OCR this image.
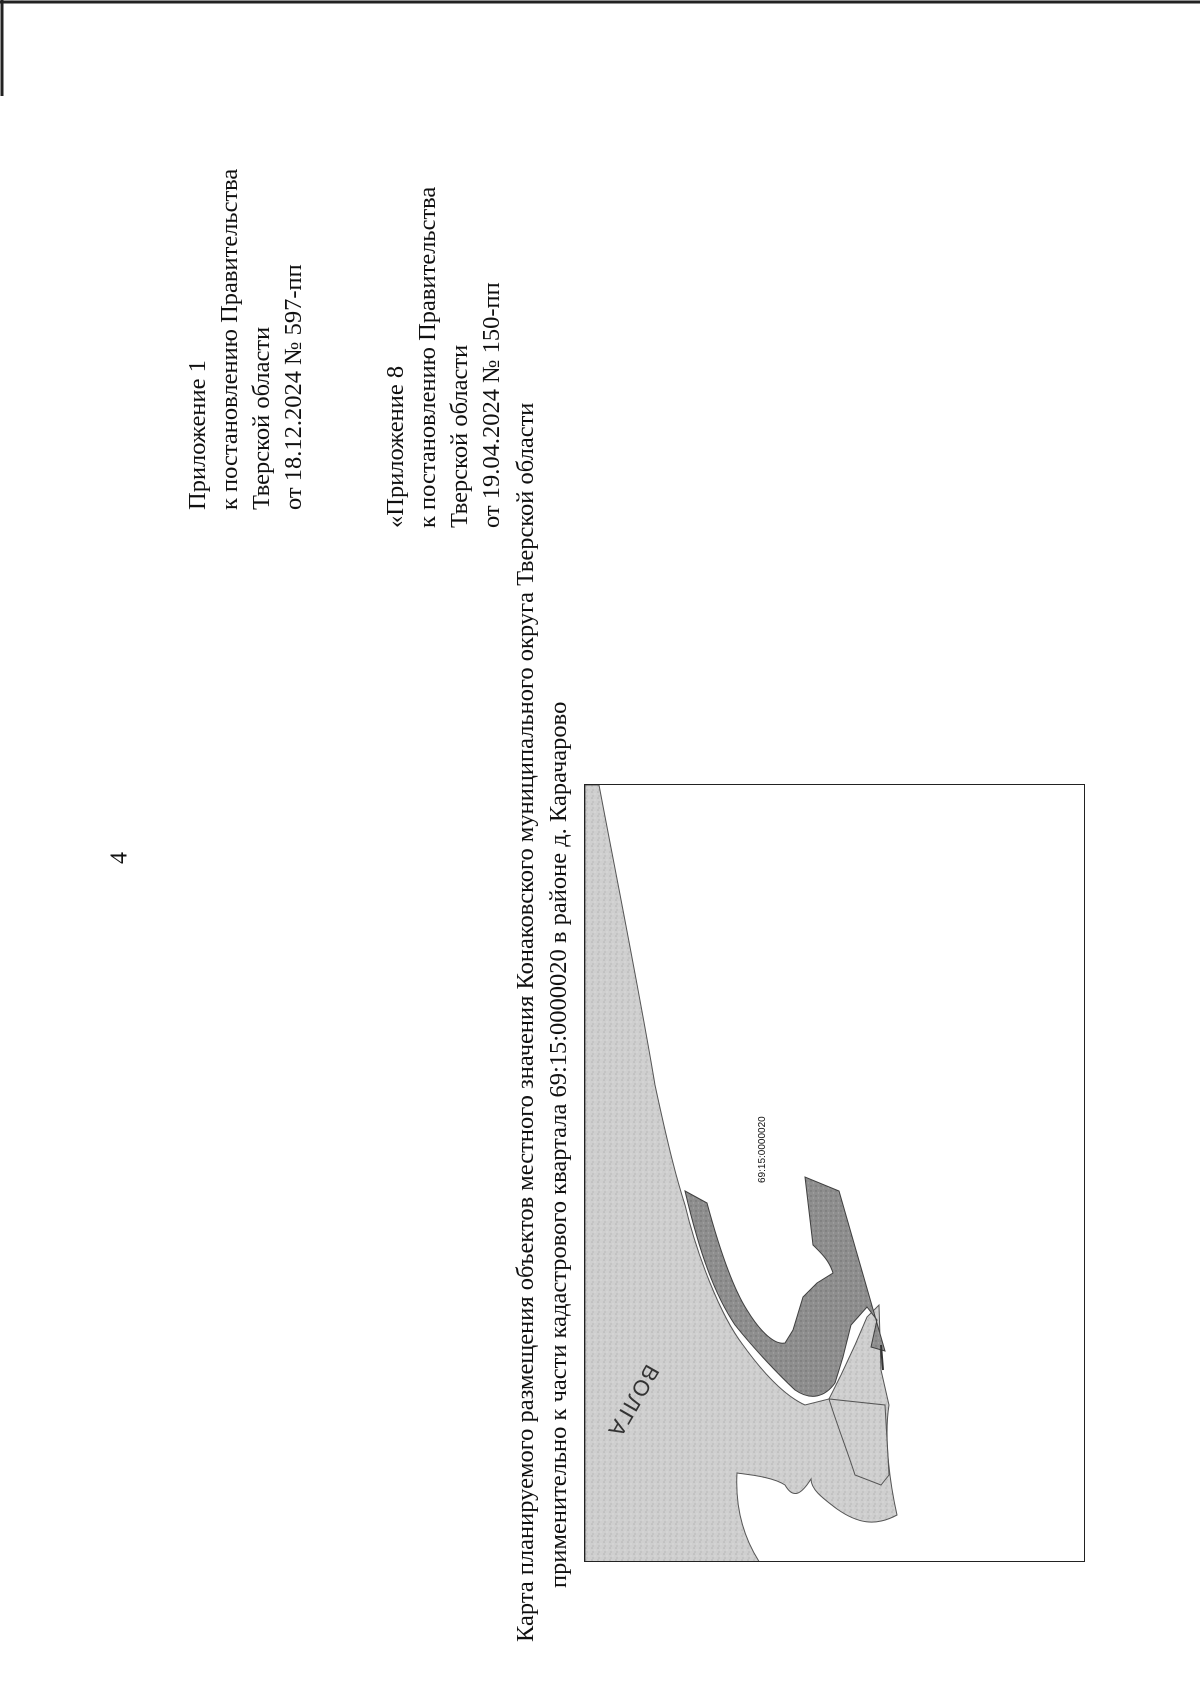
4
Приложение 1 к постановлению Правительства Тверской области от 18.12.2024 № 597-пп	«Приложение 8 к постановлению Правительства Тверской области от 19.04.2024 № 150-пп Карта планируемого размещения объектов местного значения Конаковского муниципального округа Тверской области применительно к части кадастрового квартала 69:15:0000020 в районе д. Карачарово	69:15:0000020
ВОЛГА
